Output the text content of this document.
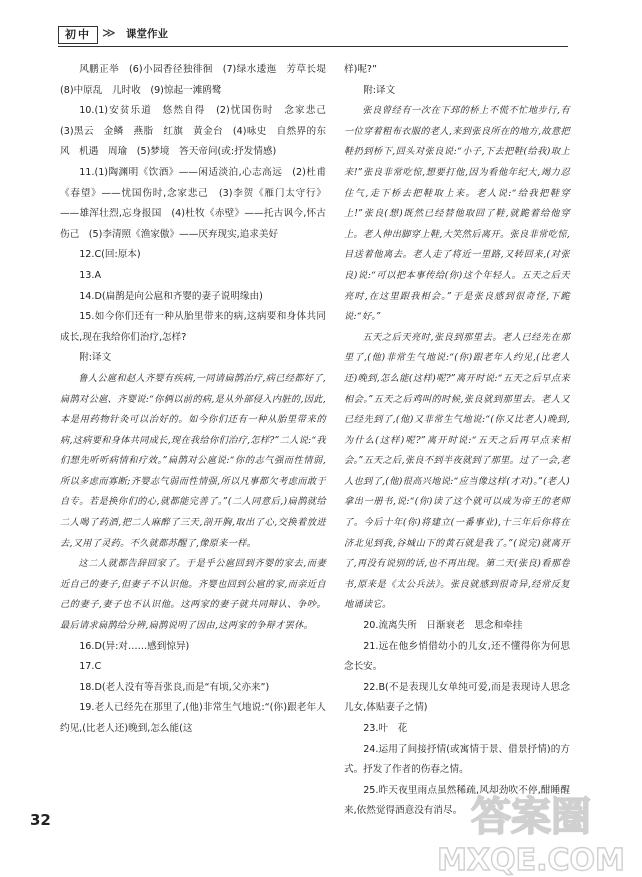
初中 ≫ 课堂作业

风鹏正举　(6)小园香径独徘徊　(7)绿水逶迤　芳草长堤　(8)中原乱　儿时收　(9)惊起一滩鸥鹭

10.(1)安贫乐道　悠然自得　(2)忧国伤时　念家悲己　(3)黑云　金鳞　燕脂　红旗　黄金台　(4)咏史　自然界的东风　机遇　周瑜　(5)梦境　答天帝问(或:抒发情感)

11.(1)陶渊明《饮酒》——闲适淡泊,心志高远　(2)杜甫《春望》——忧国伤时,念家悲己　(3)李贺《雁门太守行》——雄浑壮烈,忘身报国　(4)杜牧《赤壁》——托古讽今,怀古伤己　(5)李清照《渔家傲》——厌弃现实,追求美好

12.C(回:原本)

13.A

14.D(扁鹊是向公扈和齐婴的妻子说明缘由)

15.如今你们还有一种从胎里带来的病,这病要和身体共同成长,现在我给你们治疗,怎样?

附:译文

鲁人公扈和赵人齐婴有疾病,一同请扁鹊治疗,病已经都好了,扁鹊对公扈、齐婴说:“你俩以前的病,是从外部侵入内脏的,因此,本是用药物针灸可以治好的。如今你们还有一种从胎里带来的病,这病要和身体共同成长,现在我给你们治疗,怎样?”二人说:“我们想先听听病情和疗效。”扁鹊对公扈说:“你的志气强而性情弱,所以多虑而寡断;齐婴志气弱而性情强,所以凡事都欠考虑而敢于自专。若是换你们的心,就都能完善了。”(二人同意后,)扁鹊就给二人喝了药酒,把二人麻醉了三天,剖开胸,取出了心,交换着放进去,又用了灵药。不久就都苏醒了,像原来一样。

这二人就都告辞回家了。于是乎公扈回到齐婴的家去,而妻近自己的妻子,但妻子不认识他。齐婴也回到公扈的家,而亲近自己的妻子,妻子也不认识他。这两家的妻子就共同辩认、争吵。最后请求扁鹊给分辨,扁鹊说明了因由,这两家的争辩才罢休。

16.D(异:对……感到惊异)

17.C

18.D(老人没有等吾张良,而是“有顷,父亦来”)

19.老人已经先在那里了,(他)非常生气地说:“(你)跟老年人约见,(比老人还)晚到,怎么能(这

样)呢?”

附:译文

张良曾经有一次在下邳的桥上不慌不忙地步行,有一位穿着粗布衣服的老人,来到张良所在的地方,故意把鞋扔到桥下,回头对张良说:“小子,下去把鞋(给我)取上来!”张良非常吃惊,想要打他,因为看他年纪大,竭力忍住气,走下桥去把鞋取上来。老人说:“给我把鞋穿上!”张良(想)既然已经替他取回了鞋,就跪着给他穿上。老人伸出脚穿上鞋,大笑然后离开。张良非常吃惊,目送着他离去。老人走了将近一里路,又转回来,(对张良)说:“可以把本事传给(你)这个年轻人。五天之后天亮时,在这里跟我相会。”于是张良感到很奇怪,下跪说:“好。”

五天之后天亮时,张良到那里去。老人已经先在那里了,(他)非常生气地说:“(你)跟老年人约见,(比老人还)晚到,怎么能(这样)呢?”离开时说:“五天之后早点来相会。”五天之后鸡叫的时候,张良就到那里去。老人又已经先到了,(他)又非常生气地说:“(你又比老人)晚到,为什么(这样)呢?”离开时说:“五天之后再早点来相会。”五天之后,张良不到半夜就到了那里。过了一会,老人也到了,(他)很高兴地说:“应当像这样(才对)。”(老人)拿出一册书,说:“(你)读了这个就可以成为帝王的老师了。今后十年(你)将建立(一番事业),十三年后你将在济北见到我,谷城山下的黄石就是我了。”(说完)就离开了,再没有说别的话,也不再出现。第二天(张良)看那卷书,原来是《太公兵法》。张良就感到很奇异,经常反复地诵读它。

20.流离失所　日渐衰老　思念和牵挂

21.远在他乡悄借幼小的儿女,还不懂得你为何思念长安。

22.B(不是表现儿女单纯可爱,而是表现诗人思念儿女,体贴妻子之情)

23.叶　花

24.运用了间接抒情(或寓情于景、借景抒情)的方式。抒发了作者的伤春之情。

25.昨天夜里雨点虽然稀疏,风却劲吹不停,酣睡醒来,依然觉得酒意没有消尽。

32	答案圈
MXQE.COM
